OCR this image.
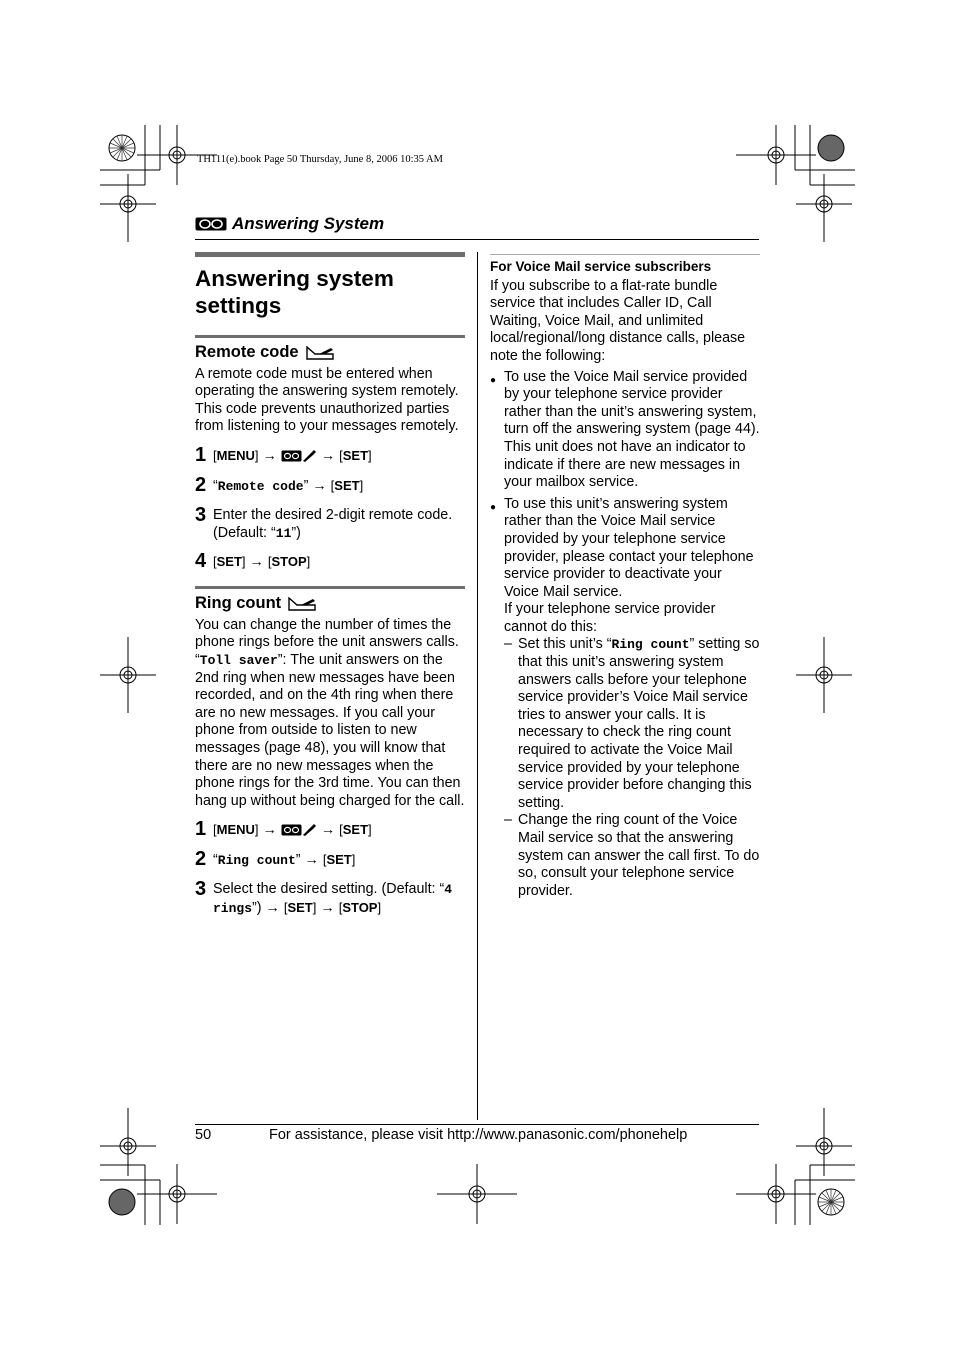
TH111(e).book Page 50 Thursday, June 8, 2006 10:35 AM
Answering System
Answering system settings
Remote code

A remote code must be entered when operating the answering system remotely. This code prevents unauthorized parties from listening to your messages remotely.

1 [MENU] →	→ [SET]
2 “Remote code” → [SET]
3 Enter the desired 2-digit remote code. (Default: “11”)
4 [SET] → [STOP]
Ring count

You can change the number of times the phone rings before the unit answers calls. “Toll saver”: The unit answers on the 2nd ring when new messages have been recorded, and on the 4th ring when there are no new messages. If you call your phone from outside to listen to new messages (page 48), you will know that there are no new messages when the phone rings for the 3rd time. You can then hang up without being charged for the call.

1 [MENU] →	→ [SET]
2 “Ring count” → [SET]
3 Select the desired setting. (Default: “4 rings”) → [SET] → [STOP]
For Voice Mail service subscribers

If you subscribe to a flat-rate bundle service that includes Caller ID, Call Waiting, Voice Mail, and unlimited local/regional/long distance calls, please note the following:

● To use the Voice Mail service provided by your telephone service provider rather than the unit’s answering system, turn off the answering system (page 44). This unit does not have an indicator to indicate if there are new messages in your mailbox service.
● To use this unit’s answering system rather than the Voice Mail service provided by your telephone service provider, please contact your telephone service provider to deactivate your Voice Mail service.
If your telephone service provider cannot do this:
– Set this unit’s “Ring count” setting so that this unit’s answering system answers calls before your telephone service provider’s Voice Mail service tries to answer your calls. It is necessary to check the ring count required to activate the Voice Mail service provided by your telephone service provider before changing this setting.
– Change the ring count of the Voice Mail service so that the answering system can answer the call first. To do so, consult your telephone service provider.
50	For assistance, please visit http://www.panasonic.com/phonehelp
